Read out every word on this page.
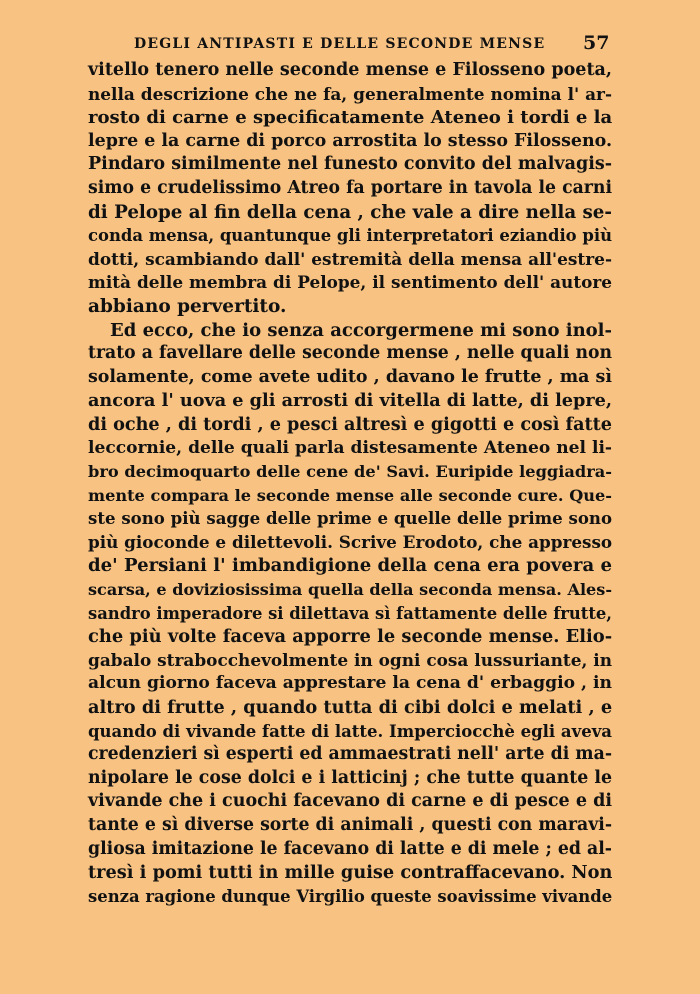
DEGLI ANTIPASTI E DELLE SECONDE MENSE	57
vitello tenero nelle seconde mense e Filosseno poeta,
nella descrizione che ne fa, generalmente nomina l' ar-
rosto di carne e specificatamente Ateneo i tordi e la
lepre e la carne di porco arrostita lo stesso Filosseno.
Pindaro similmente nel funesto convito del malvagis-
simo e crudelissimo Atreo fa portare in tavola le carni
di Pelope al fin della cena , che vale a dire nella se-
conda mensa, quantunque gli interpretatori eziandio più
dotti, scambiando dall' estremità della mensa all'estre-
mità delle membra di Pelope, il sentimento dell' autore
abbiano pervertito.
Ed ecco, che io senza accorgermene mi sono inol-
trato a favellare delle seconde mense , nelle quali non
solamente, come avete udito , davano le frutte , ma sì
ancora l' uova e gli arrosti di vitella di latte, di lepre,
di oche , di tordi , e pesci altresì e gigotti e così fatte
leccornie, delle quali parla distesamente Ateneo nel li-
bro decimoquarto delle cene de' Savi. Euripide leggiadra-
mente compara le seconde mense alle seconde cure. Que-
ste sono più sagge delle prime e quelle delle prime sono
più gioconde e dilettevoli. Scrive Erodoto, che appresso
de' Persiani l' imbandigione della cena era povera e
scarsa, e doviziosissima quella della seconda mensa. Ales-
sandro imperadore si dilettava sì fattamente delle frutte,
che più volte faceva apporre le seconde mense. Elio-
gabalo strabocchevolmente in ogni cosa lussuriante, in
alcun giorno faceva apprestare la cena d' erbaggio , in
altro di frutte , quando tutta di cibi dolci e melati , e
quando di vivande fatte di latte. Imperciocchè egli aveva
credenzieri sì esperti ed ammaestrati nell' arte di ma-
nipolare le cose dolci e i latticinj ; che tutte quante le
vivande che i cuochi facevano di carne e di pesce e di
tante e sì diverse sorte di animali , questi con maravi-
gliosa imitazione le facevano di latte e di mele ; ed al-
tresì i pomi tutti in mille guise contraffacevano. Non
senza ragione dunque Virgilio queste soavissime vivande
